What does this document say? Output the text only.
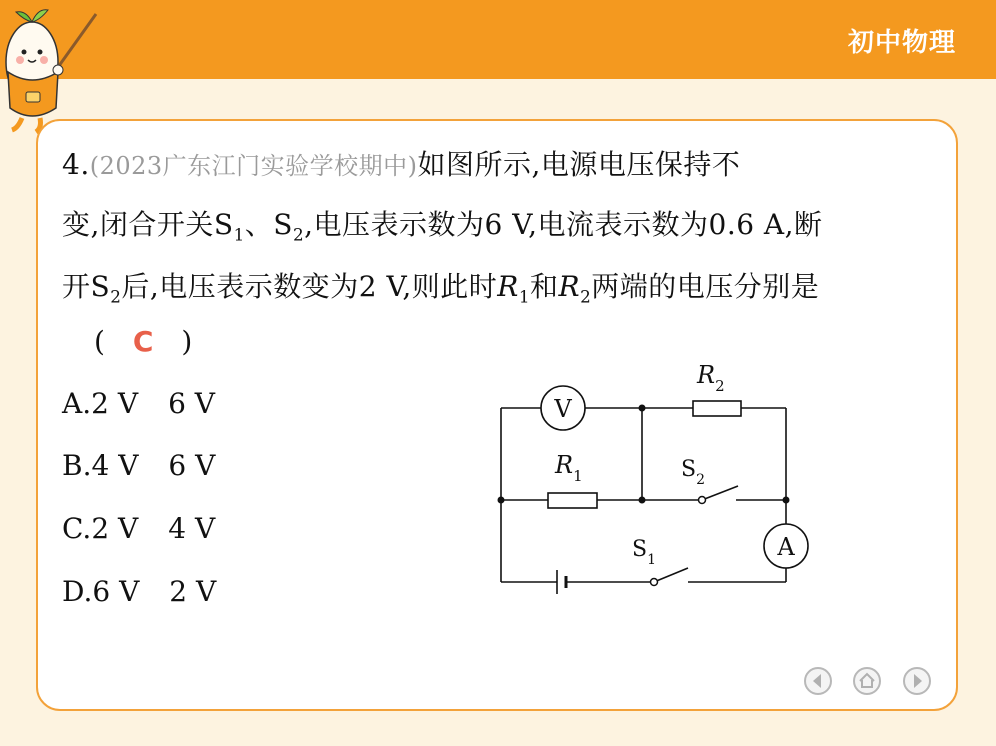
初中物理
4.(2023广东江门实验学校期中)如图所示,电源电压保持不
变,闭合开关$S_1$、$S_2$,电压表示数为6 V,电流表示数为0.6 A,断
开$S_2$后,电压表示数变为2 V,则此时$R_1$和$R_2$两端的电压分别是
( C )
A.2 V 6 V
B.4 V 6 V
C.2 V 4 V
D.6 V 2 V
V
$R_2$
$R_1$	$S_2$
A
$S_1$
